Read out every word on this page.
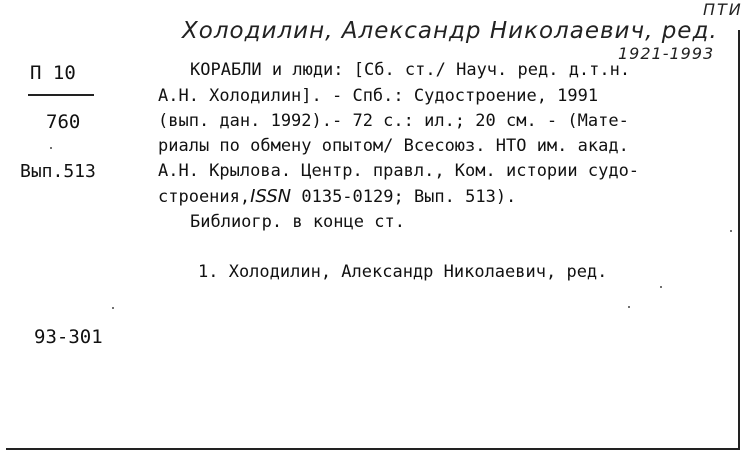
ПТИ
Холодилин, Александр Николаевич, ред.
1921-1993
П 10
760
Вып.513
93-301
КОРАБЛИ и люди: [Сб. ст./ Науч. ред. д.т.н.
А.Н. Холодилин]. - Спб.: Судостроение, 1991
(вып. дан. 1992).- 72 с.: ил.; 20 см. - (Мате-
риалы по обмену опытом/ Всесоюз. НТО им. акад.
А.Н. Крылова. Центр. правл., Ком. истории судо-
строения,ISSN 0135-0129; Вып. 513).
Библиогр. в конце ст.
1. Холодилин, Александр Николаевич, ред.
